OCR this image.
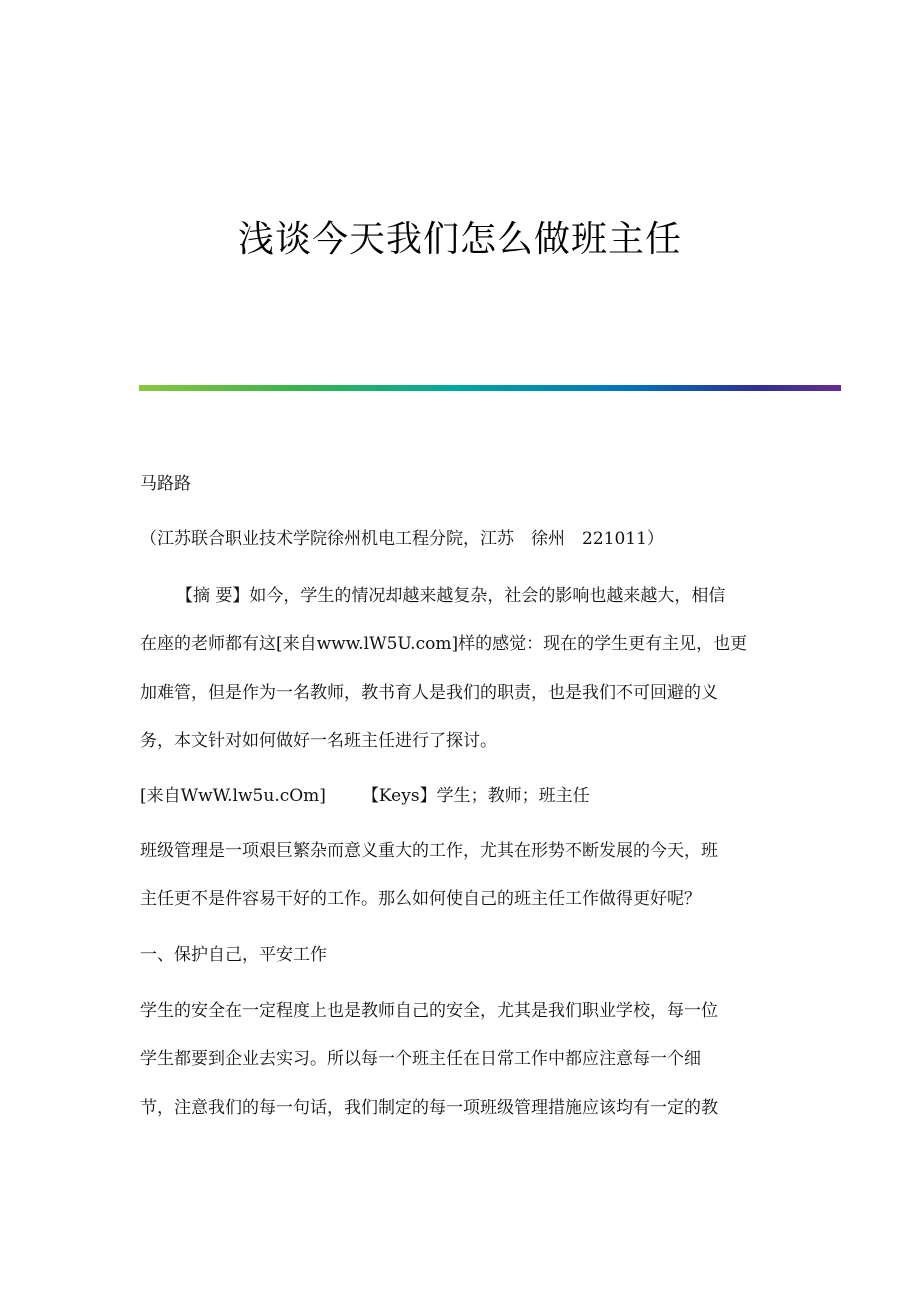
浅谈今天我们怎么做班主任
马路路
（江苏联合职业技术学院徐州机电工程分院，江苏　徐州　221011）
【摘 要】如今，学生的情况却越来越复杂，社会的影响也越来越大，相信
在座的老师都有这[来自www.lW5U.com]样的感觉：现在的学生更有主见，也更
加难管，但是作为一名教师，教书育人是我们的职责，也是我们不可回避的义
务，本文针对如何做好一名班主任进行了探讨。
[来自WwW.lw5u.cOm] 【Keys】学生；教师；班主任
班级管理是一项艰巨繁杂而意义重大的工作，尤其在形势不断发展的今天，班
主任更不是件容易干好的工作。那么如何使自己的班主任工作做得更好呢？
一、保护自己，平安工作
学生的安全在一定程度上也是教师自己的安全，尤其是我们职业学校，每一位
学生都要到企业去实习。所以每一个班主任在日常工作中都应注意每一个细
节，注意我们的每一句话，我们制定的每一项班级管理措施应该均有一定的教
